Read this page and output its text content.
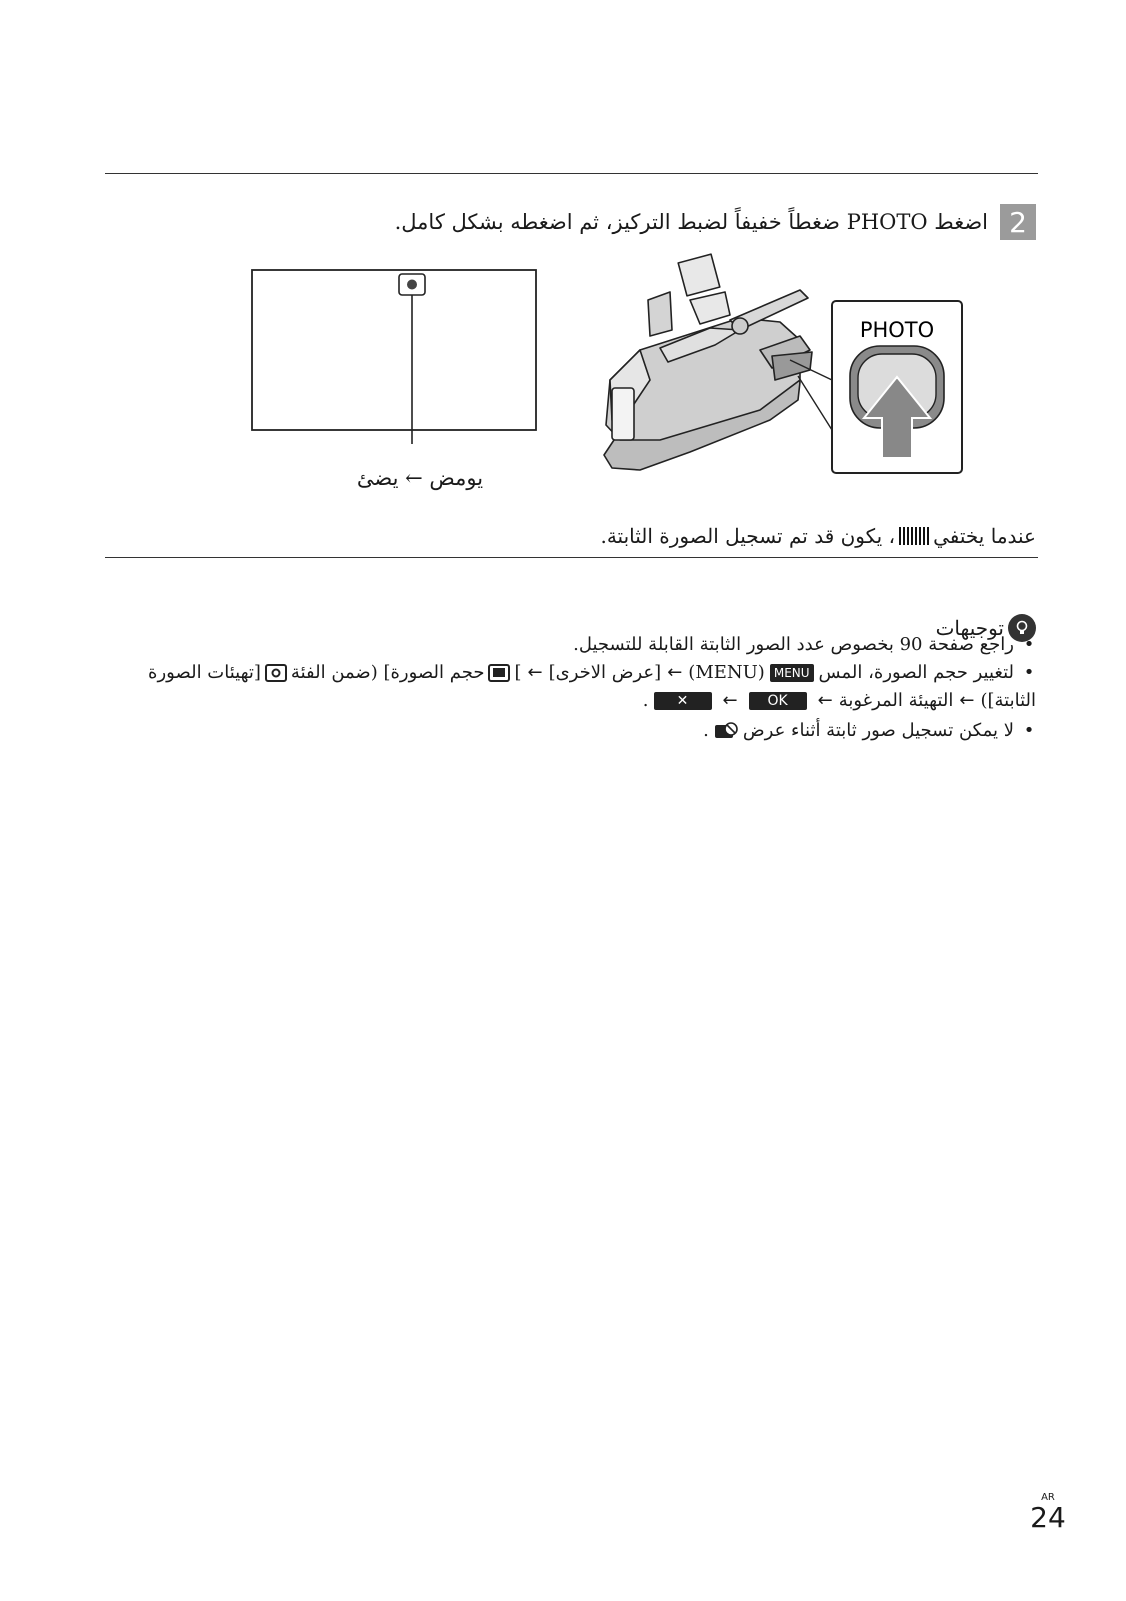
2
اضغط PHOTO ضغطاً خفيفاً لضبط التركيز، ثم اضغطه بشكل كامل.
PHOTO
يومض ← يضئ
عندما يختفي
، يكون قد تم تسجيل الصورة الثابتة.
توجيهات
•
راجع صفحة 90 بخصوص عدد الصور الثابتة القابلة للتسجيل.
•
لتغيير حجم الصورة، المس
MENU
(MENU)
←
[عرض الاخرى]
←
[
حجم الصورة] (ضمن الفئة
[تهيئات الصورة
الثابتة])
←
التهيئة المرغوبة
←
OK
←
✕
.
•
لا يمكن تسجيل صور ثابتة أثناء عرض
.
AR
24
